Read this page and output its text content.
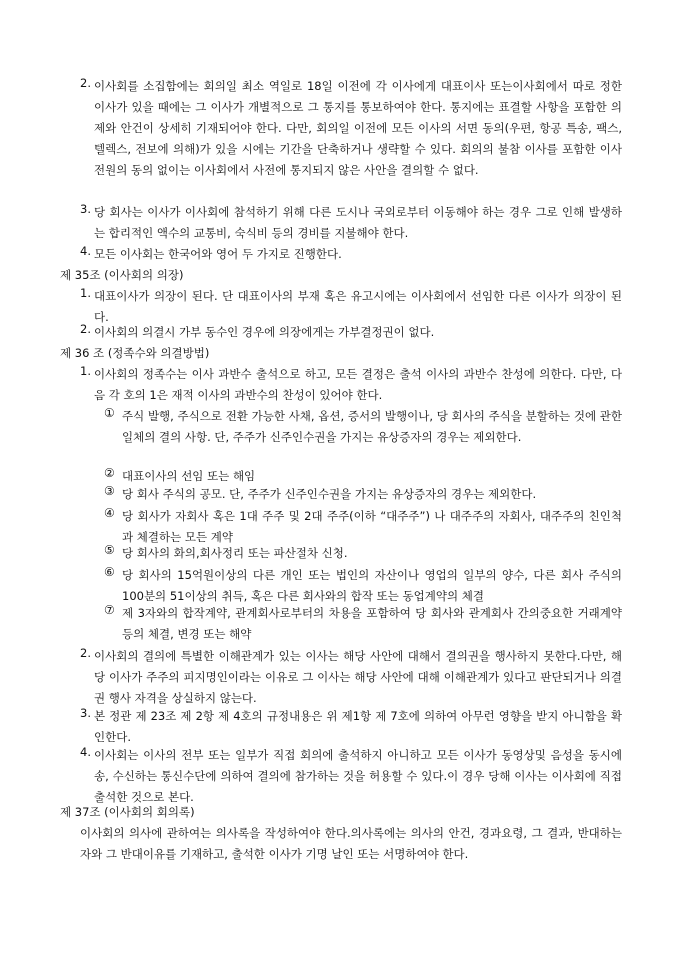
2. 이사회를 소집함에는 회의일 최소 역일로 18일 이전에 각 이사에게 대표이사 또는이사회에서 따로 정한 이사가 있을 때에는 그 이사가 개별적으로 그 통지를 통보하여야 한다. 통지에는 표결할 사항을 포함한 의제와 안건이 상세히 기재되어야 한다. 다만, 회의일 이전에 모든 이사의 서면 동의(우편, 항공 특송, 팩스, 텔렉스, 전보에 의해)가 있을 시에는 기간을 단축하거나 생략할 수 있다. 회의의 불참 이사를 포함한 이사 전원의 동의 없이는 이사회에서 사전에 통지되지 않은 사안을 결의할 수 없다.
3. 당 회사는 이사가 이사회에 참석하기 위해 다른 도시나 국외로부터 이동해야 하는 경우 그로 인해 발생하는 합리적인 액수의 교통비, 숙식비 등의 경비를 지불해야 한다.
4. 모든 이사회는 한국어와 영어 두 가지로 진행한다.
제 35조 (이사회의 의장)
1. 대표이사가 의장이 된다. 단 대표이사의 부재 혹은 유고시에는 이사회에서 선임한 다른 이사가 의장이 된다.
2. 이사회의 의결시 가부 동수인 경우에 의장에게는 가부결정권이 없다.
제 36 조 (정족수와 의결방법)
1. 이사회의 정족수는 이사 과반수 출석으로 하고, 모든 결정은 출석 이사의 과반수 찬성에 의한다. 다만, 다음 각 호의 1은 재적 이사의 과반수의 찬성이 있어야 한다.
① 주식 발행, 주식으로 전환 가능한 사채, 옵션, 증서의 발행이나, 당 회사의 주식을 분할하는 것에 관한 일체의 결의 사항. 단, 주주가 신주인수권을 가지는 유상증자의 경우는 제외한다.
② 대표이사의 선임 또는 해임
③ 당 회사 주식의 공모. 단, 주주가 신주인수권을 가지는 유상증자의 경우는 제외한다.
④ 당 회사가 자회사 혹은 1대 주주 및 2대 주주(이하 “대주주”) 나 대주주의 자회사, 대주주의 친인척과 체결하는 모든 계약
⑤ 당 회사의 화의,회사정리 또는 파산절차 신청.
⑥ 당 회사의 15억원이상의 다른 개인 또는 법인의 자산이나 영업의 일부의 양수, 다른 회사 주식의 100분의 51이상의 취득, 혹은 다른 회사와의 합작 또는 동업계약의 체결
⑦ 제 3자와의 합작계약, 관계회사로부터의 차용을 포함하여 당 회사와 관계회사 간의중요한 거래계약 등의 체결, 변경 또는 해약
2. 이사회의 결의에 특별한 이해관계가 있는 이사는 해당 사안에 대해서 결의권을 행사하지 못한다.다만, 해당 이사가 주주의 피지명인이라는 이유로 그 이사는 해당 사안에 대해 이해관계가 있다고 판단되거나 의결권 행사 자격을 상실하지 않는다.
3. 본 정관 제 23조 제 2항 제 4호의 규정내용은 위 제1항 제 7호에 의하여 아무런 영향을 받지 아니함을 확인한다.
4. 이사회는 이사의 전부 또는 일부가 직접 회의에 출석하지 아니하고 모든 이사가 동영상및 음성을 동시에 송, 수신하는 통신수단에 의하여 결의에 참가하는 것을 허용할 수 있다.이 경우 당해 이사는 이사회에 직접 출석한 것으로 본다.
제 37조 (이사회의 회의록)
이사회의 의사에 관하여는 의사록을 작성하여야 한다.의사록에는 의사의 안건, 경과요령, 그 결과, 반대하는 자와 그 반대이유를 기재하고, 출석한 이사가 기명 날인 또는 서명하여야 한다.
